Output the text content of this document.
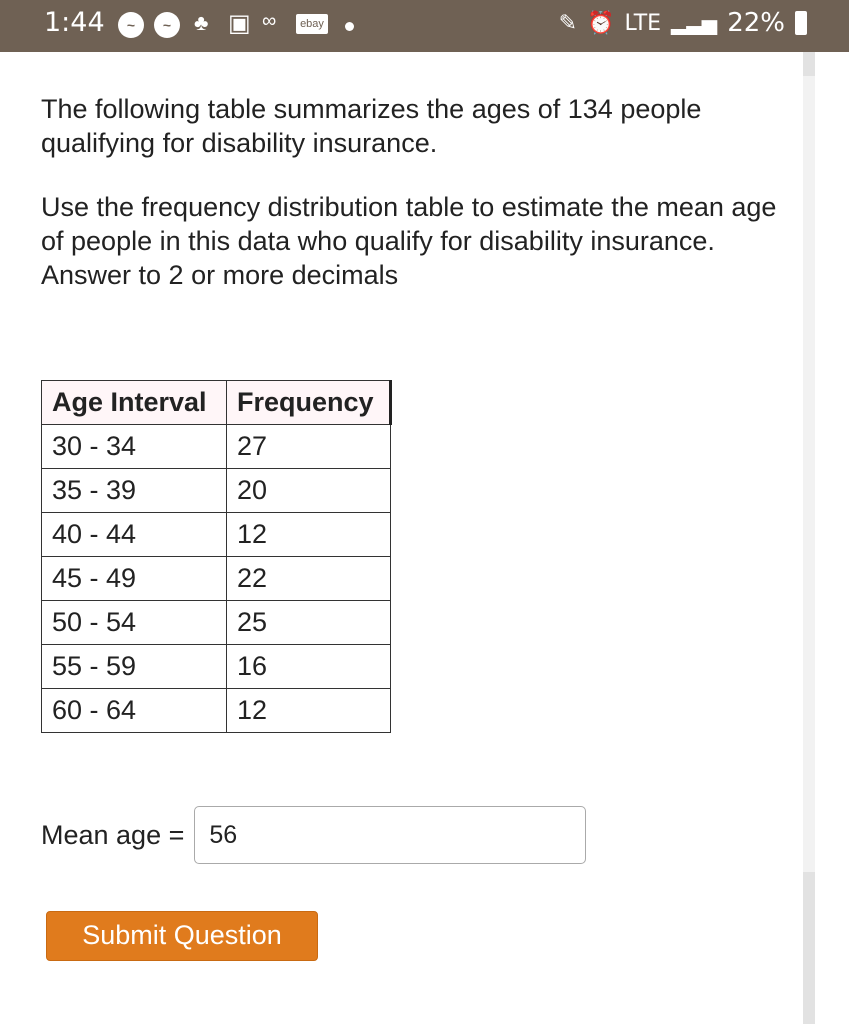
1:44	~	~	♣ ▣ ∞	ebay	✎ ⏰ LTE ▂▃▅ 22%

The following table summarizes the ages of 134 people qualifying for disability insurance.

Use the frequency distribution table to estimate the mean age of people in this data who qualify for disability insurance. Answer to 2 or more decimals

Age Interval	Frequency
30 - 34	27
35 - 39	20
40 - 44	12
45 - 49	22
50 - 54	25
55 - 59	16
60 - 64	12
Mean age =
56
Submit Question
